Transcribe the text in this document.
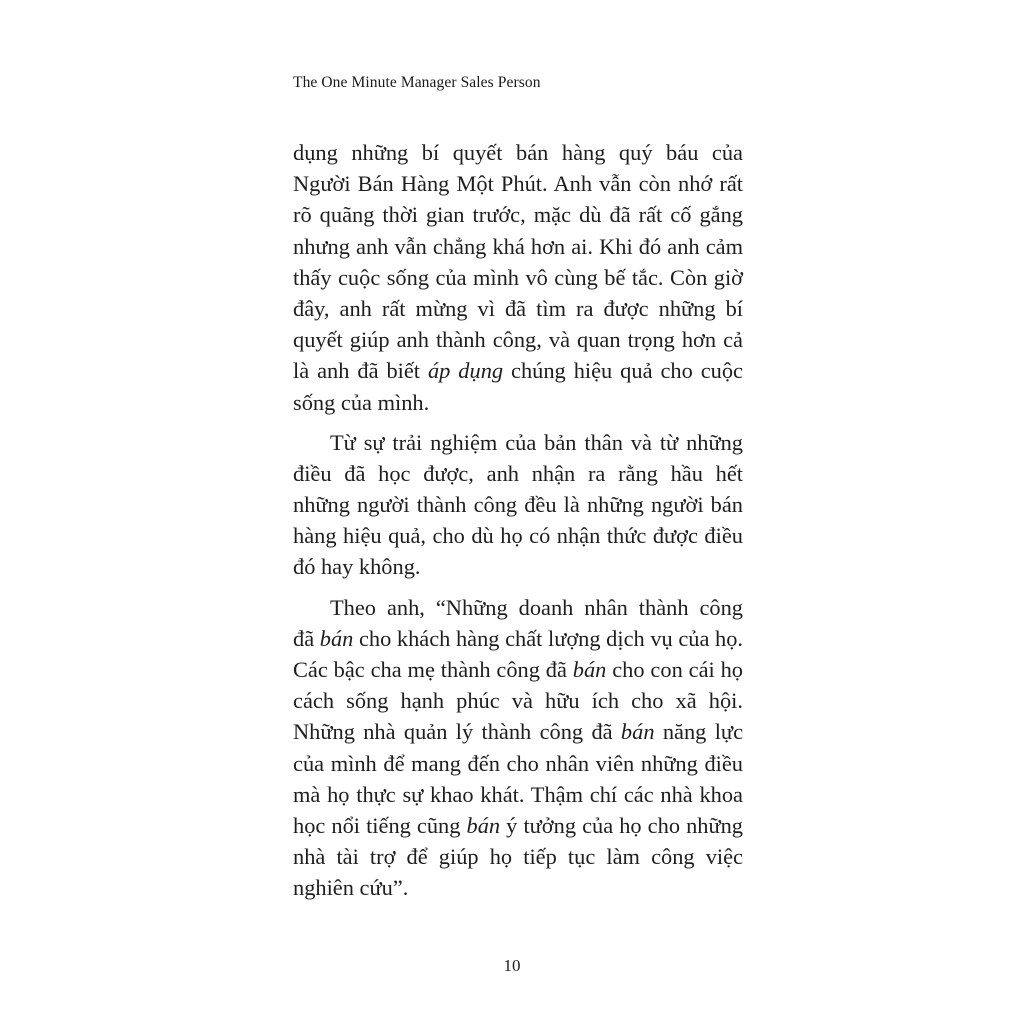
The One Minute Manager Sales Person
dụng những bí quyết bán hàng quý báu của
Người Bán Hàng Một Phút. Anh vẫn còn nhớ rất
rõ quãng thời gian trước, mặc dù đã rất cố gắng
nhưng anh vẫn chẳng khá hơn ai. Khi đó anh cảm
thấy cuộc sống của mình vô cùng bế tắc. Còn giờ
đây, anh rất mừng vì đã tìm ra được những bí
quyết giúp anh thành công, và quan trọng hơn cả
là anh đã biết áp dụng chúng hiệu quả cho cuộc
sống của mình.
Từ sự trải nghiệm của bản thân và từ những
điều đã học được, anh nhận ra rằng hầu hết
những người thành công đều là những người bán
hàng hiệu quả, cho dù họ có nhận thức được điều
đó hay không.
Theo anh, “Những doanh nhân thành công
đã bán cho khách hàng chất lượng dịch vụ của họ.
Các bậc cha mẹ thành công đã bán cho con cái họ
cách sống hạnh phúc và hữu ích cho xã hội.
Những nhà quản lý thành công đã bán năng lực
của mình để mang đến cho nhân viên những điều
mà họ thực sự khao khát. Thậm chí các nhà khoa
học nổi tiếng cũng bán ý tưởng của họ cho những
nhà tài trợ để giúp họ tiếp tục làm công việc
nghiên cứu”.
10
